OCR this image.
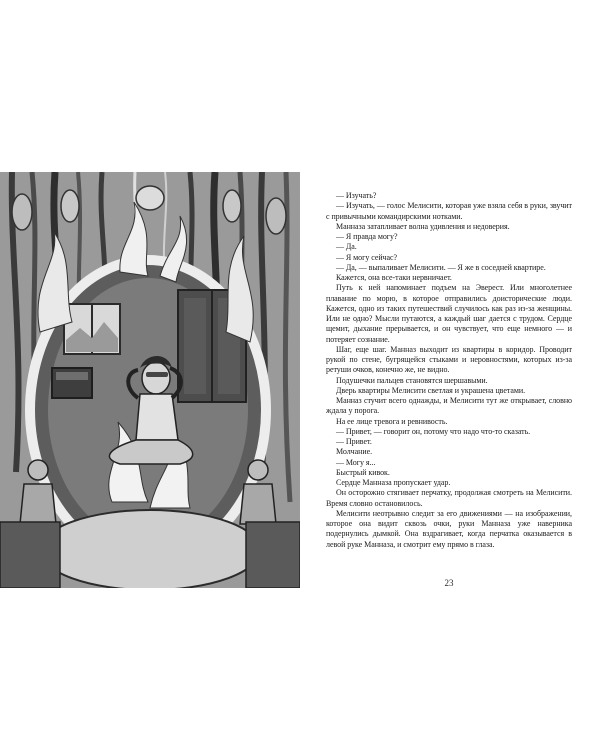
— Изучать?

— Изучать, — голос Мелисити, которая уже взяла себя в руки, звучит с привычными командирскими нотками.

Манназа затапливает волна удивления и недоверия.

— Я правда могу?

— Да.

— Я могу сейчас?

— Да, — выпаливает Мелисити. — Я же в соседней квартире.

Кажется, она все-таки нервничает.

Путь к ней напоминает подъем на Эверест. Или многолетнее плавание по морю, в которое отправились доисторические люди. Кажется, одно из таких путешествий случилось как раз из-за женщины. Или не одно? Мысли путаются, а каждый шаг дается с трудом. Сердце щемит, дыхание прерывается, и он чувствует, что еще немного — и потеряет сознание.

Шаг, еще шаг. Манназ выходит из квартиры в коридор. Проводит рукой по стене, бугрящейся стыками и неровностями, которых из-за ретуши очков, конечно же, не видно.

Подушечки пальцев становятся шершавыми.

Дверь квартиры Мелисити светлая и украшена цветами.

Манназ стучит всего однажды, и Мелисити тут же открывает, словно ждала у порога.

На ее лице тревога и ревнивость.

— Привет, — говорит он, потому что надо что-то сказать.

— Привет.

Молчание.

— Могу я...

Быстрый кивок.

Сердце Манназа пропускает удар.

Он осторожно стягивает перчатку, продолжая смотреть на Мелисити. Время словно остановилось.

Мелисити неотрывно следит за его движениями — на изображении, которое она видит сквозь очки, руки Манназа уже наверника подернулись дымкой. Она вздрагивает, когда перчатка оказывается в левой руке Манназа, и смотрит ему прямо в глаза.

23
